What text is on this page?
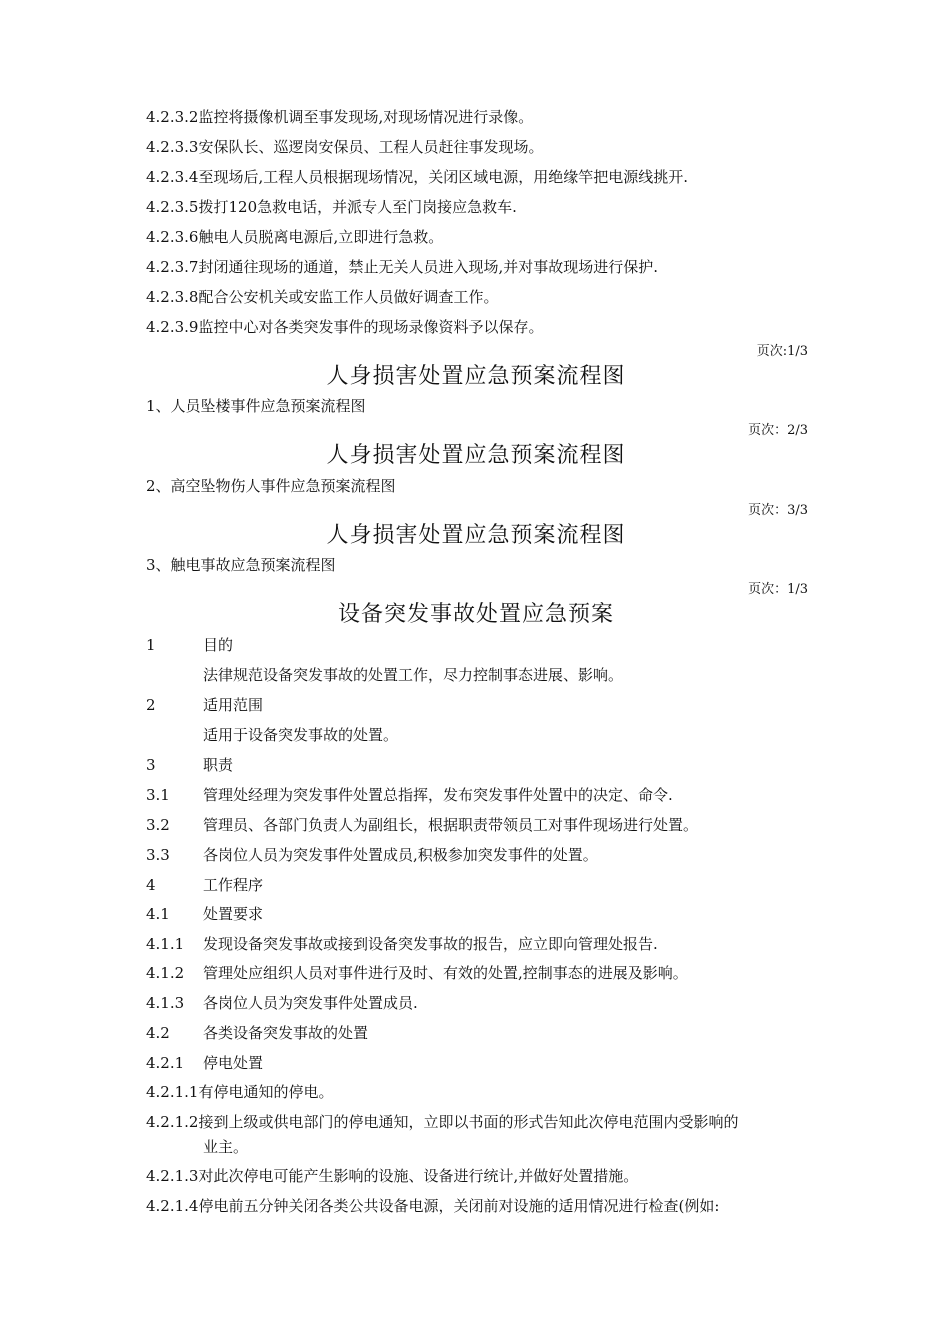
4.2.3.2监控将摄像机调至事发现场,对现场情况进行录像。
4.2.3.3安保队长、巡逻岗安保员、工程人员赶往事发现场。
4.2.3.4至现场后,工程人员根据现场情况，关闭区域电源，用绝缘竿把电源线挑开.
4.2.3.5拨打120急救电话，并派专人至门岗接应急救车.
4.2.3.6触电人员脱离电源后,立即进行急救。
4.2.3.7封闭通往现场的通道，禁止无关人员进入现场,并对事故现场进行保护.
4.2.3.8配合公安机关或安监工作人员做好调查工作。
4.2.3.9监控中心对各类突发事件的现场录像资料予以保存。
页次:1/3
人身损害处置应急预案流程图
1、人员坠楼事件应急预案流程图
页次：2/3
人身损害处置应急预案流程图
2、高空坠物伤人事件应急预案流程图
页次：3/3
人身损害处置应急预案流程图
3、触电事故应急预案流程图
页次：1/3
设备突发事故处置应急预案
1	目的
法律规范设备突发事故的处置工作，尽力控制事态进展、影响。
2	适用范围
适用于设备突发事故的处置。
3	职责
3.1 管理处经理为突发事件处置总指挥，发布突发事件处置中的决定、命令.
3.2 管理员、各部门负责人为副组长，根据职责带领员工对事件现场进行处置。
3.3 各岗位人员为突发事件处置成员,积极参加突发事件的处置。
4	工作程序
4.1 处置要求
4.1.1 发现设备突发事故或接到设备突发事故的报告，应立即向管理处报告.
4.1.2 管理处应组织人员对事件进行及时、有效的处置,控制事态的进展及影响。
4.1.3 各岗位人员为突发事件处置成员.
4.2 各类设备突发事故的处置
4.2.1 停电处置
4.2.1.1有停电通知的停电。
4.2.1.2接到上级或供电部门的停电通知，立即以书面的形式告知此次停电范围内受影响的
业主。
4.2.1.3对此次停电可能产生影响的设施、设备进行统计,并做好处置措施。
4.2.1.4停电前五分钟关闭各类公共设备电源，关闭前对设施的适用情况进行检查(例如:
